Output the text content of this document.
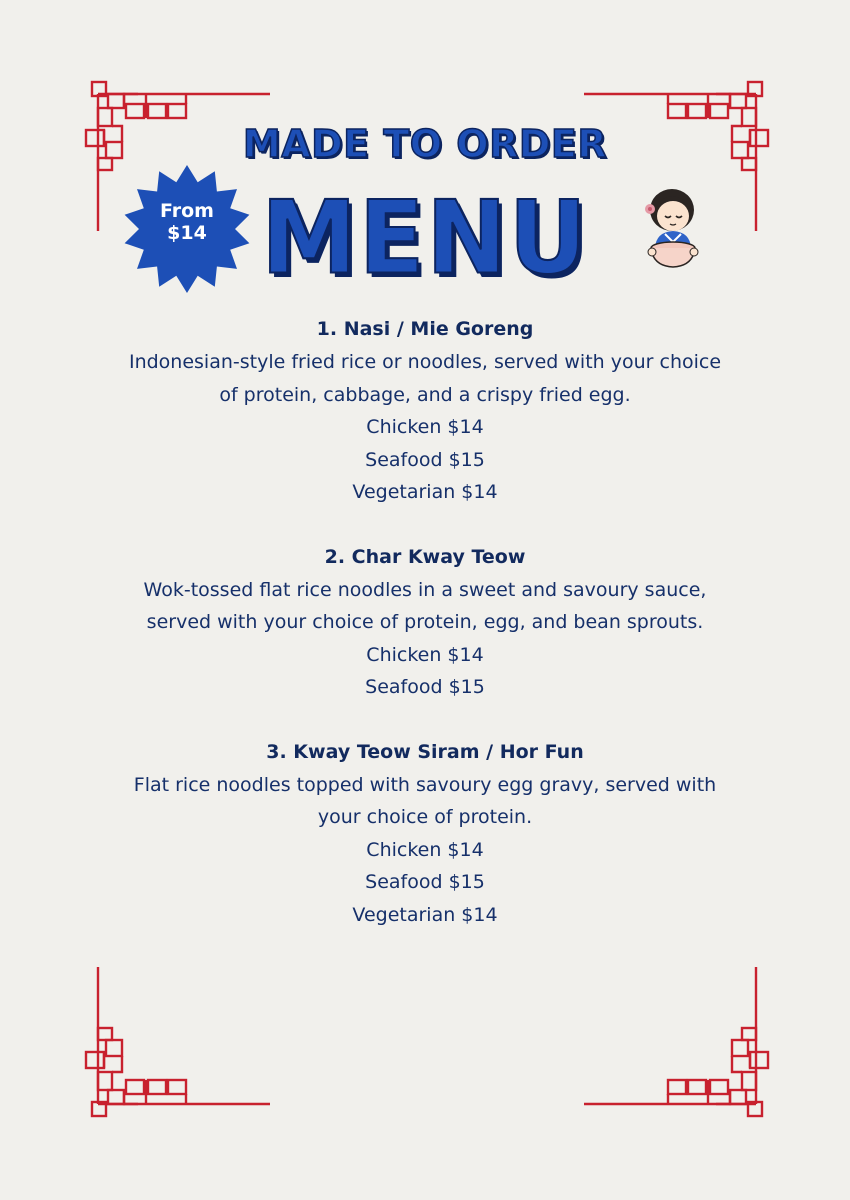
MADE TO ORDER
MENU
From
$14
1. Nasi / Mie Goreng
Indonesian-style fried rice or noodles, served with your choice of protein, cabbage, and a crispy fried egg.
Chicken $14
Seafood $15
Vegetarian $14
2. Char Kway Teow
Wok-tossed flat rice noodles in a sweet and savoury sauce, served with your choice of protein, egg, and bean sprouts.
Chicken $14
Seafood $15
3. Kway Teow Siram / Hor Fun
Flat rice noodles topped with savoury egg gravy, served with your choice of protein.
Chicken $14
Seafood $15
Vegetarian $14
